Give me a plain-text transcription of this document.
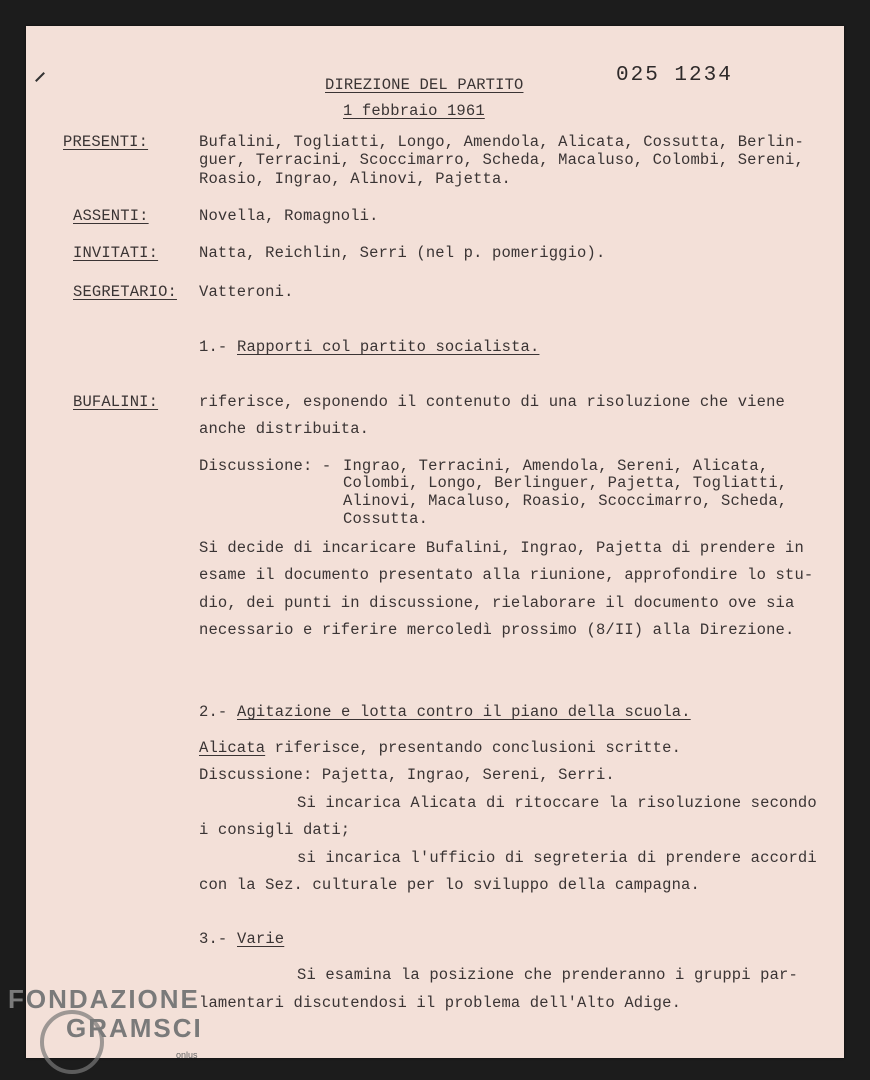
DIREZIONE DEL PARTITO
1 febbraio 1961
025 1234
PRESENTI:	Bufalini, Togliatti, Longo, Amendola, Alicata, Cossutta, Berlin-
guer, Terracini, Scoccimarro, Scheda, Macaluso, Colombi, Sereni,
Roasio, Ingrao, Alinovi, Pajetta.
ASSENTI:	Novella, Romagnoli.
INVITATI:	Natta, Reichlin, Serri (nel p. pomeriggio).
SEGRETARIO: Vatteroni.
1.- Rapporti col partito socialista.
BUFALINI:	riferisce, esponendo il contenuto di una risoluzione che viene
anche distribuita.
Discussione: - Ingrao, Terracini, Amendola, Sereni, Alicata,
Colombi, Longo, Berlinguer, Pajetta, Togliatti,
Alinovi, Macaluso, Roasio, Scoccimarro, Scheda,
Cossutta.
Si decide di incaricare Bufalini, Ingrao, Pajetta di prendere in
esame il documento presentato alla riunione, approfondire lo stu-
dio, dei punti in discussione, rielaborare il documento ove sia
necessario e riferire mercoledì prossimo (8/II) alla Direzione.
2.- Agitazione e lotta contro il piano della scuola.
Alicata riferisce, presentando conclusioni scritte.
Discussione: Pajetta, Ingrao, Sereni, Serri.
Si incarica Alicata di ritoccare la risoluzione secondo
i consigli dati;
si incarica l'ufficio di segreteria di prendere accordi
con la Sez. culturale per lo sviluppo della campagna.
3.- Varie
Si esamina la posizione che prenderanno i gruppi par-
lamentari discutendosi il problema dell'Alto Adige.
FONDAZIONE
GRAMSCI
onlus
